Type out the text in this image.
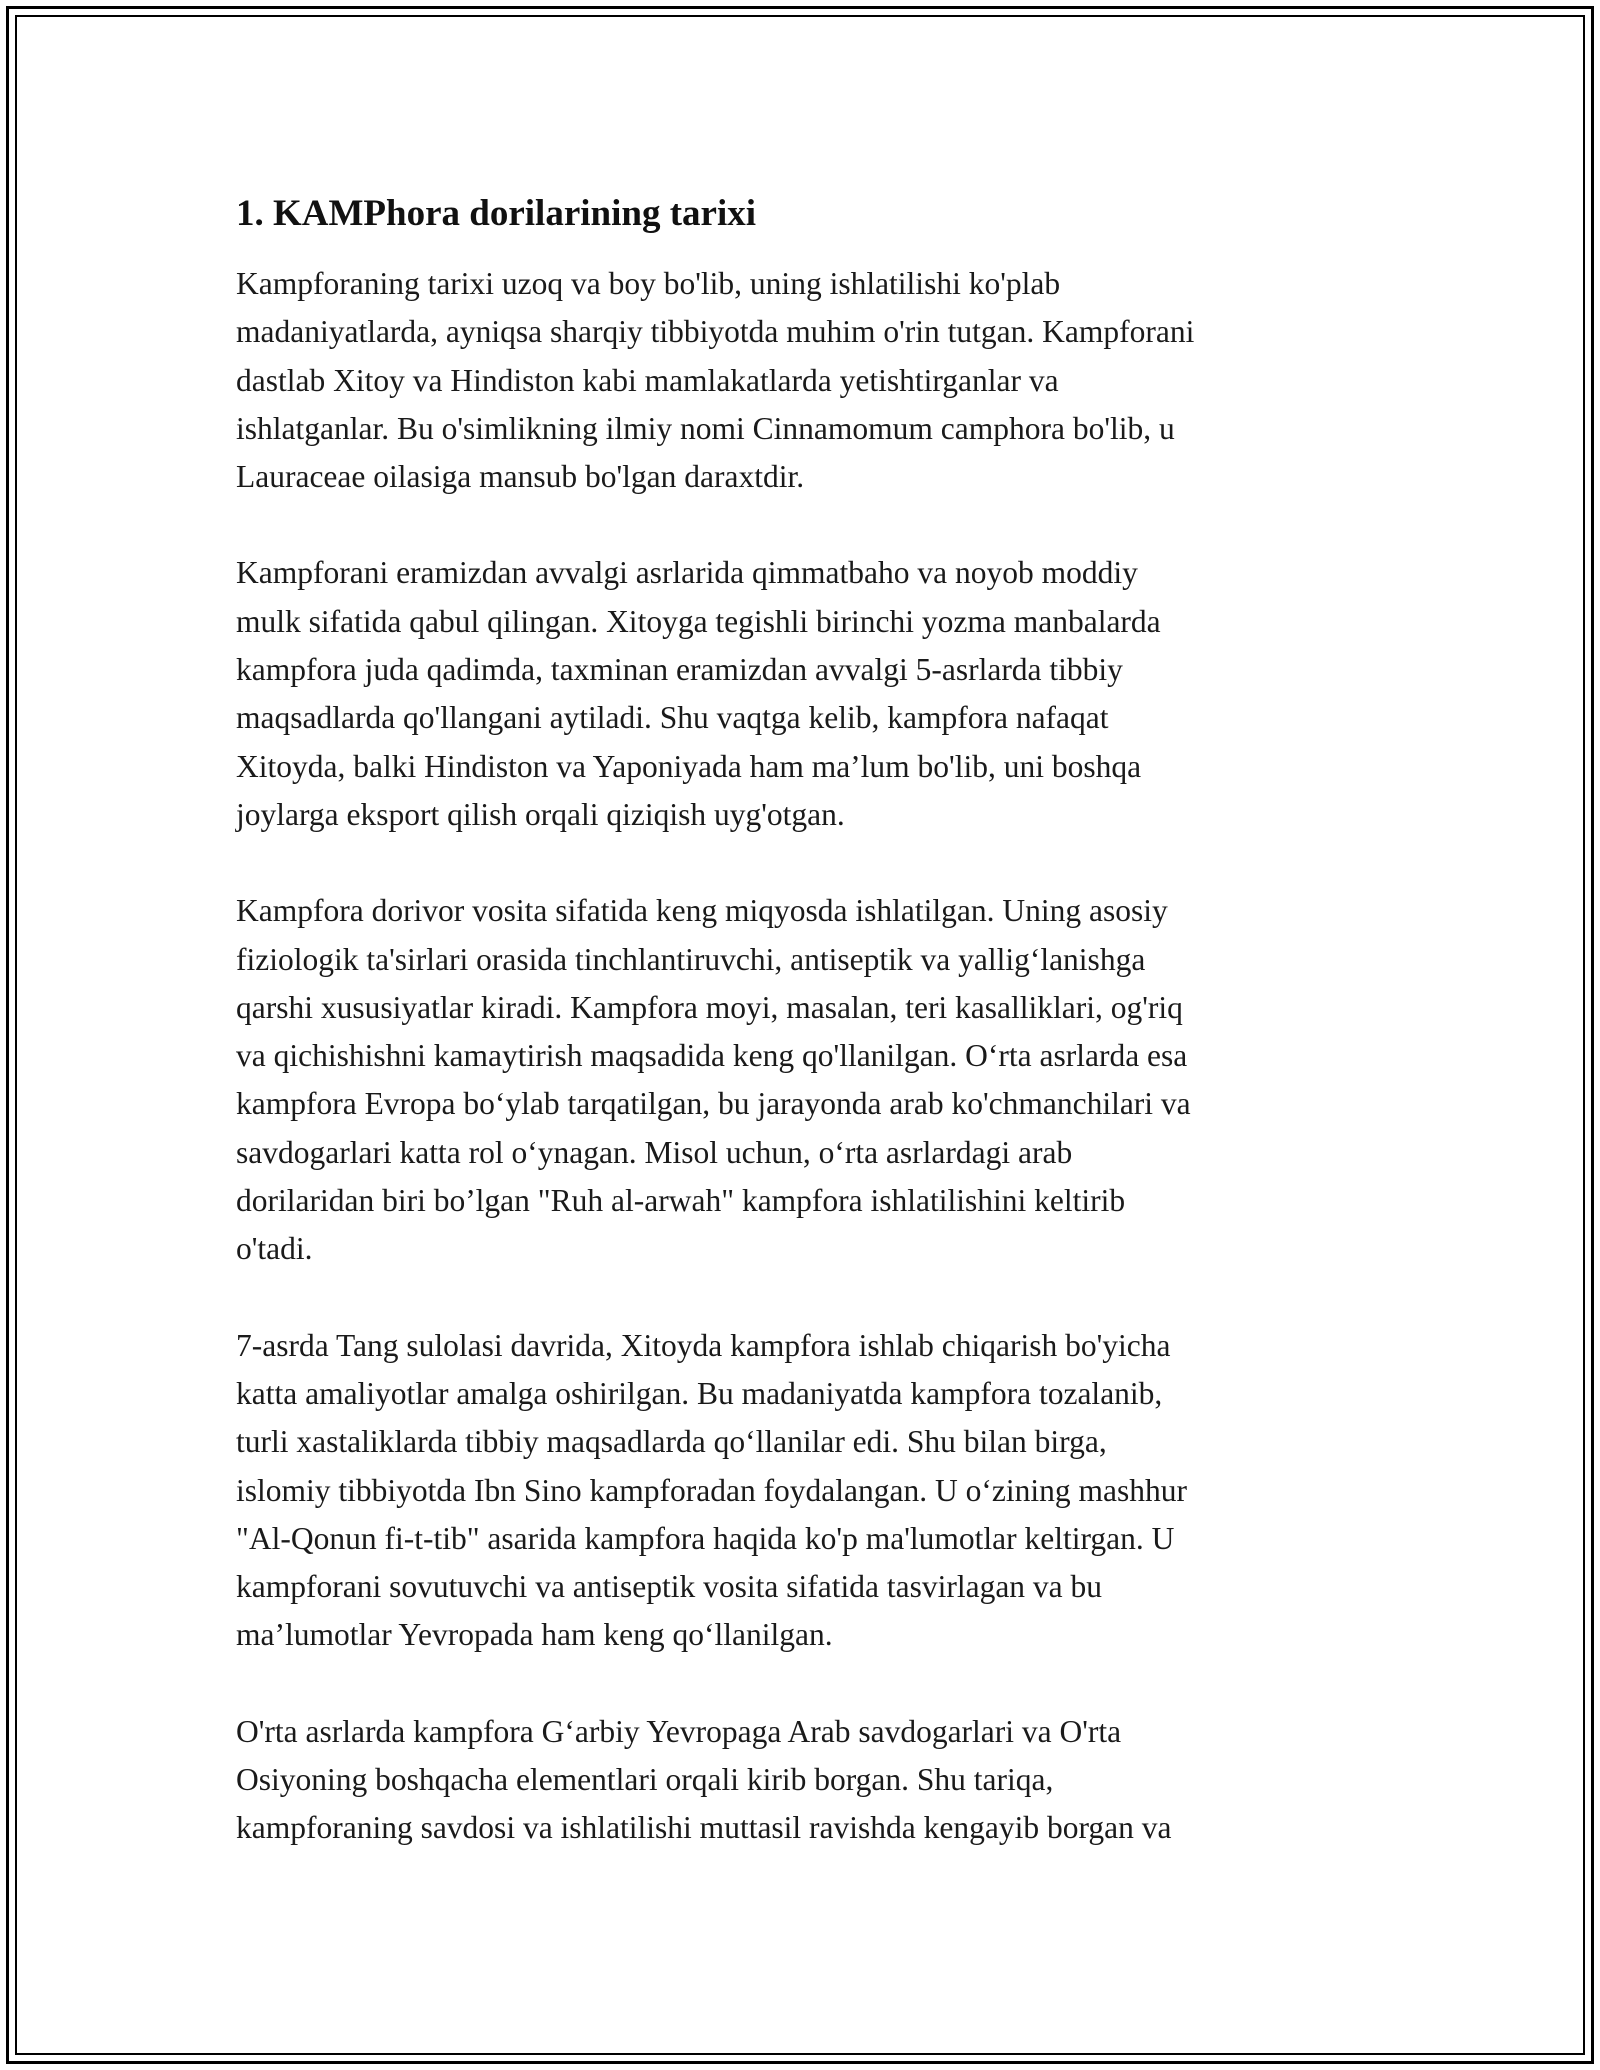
1. KAMPhora dorilarining tarixi

Kampforaning tarixi uzoq va boy bo'lib, uning ishlatilishi ko'plab
madaniyatlarda, ayniqsa sharqiy tibbiyotda muhim o'rin tutgan. Kampforani
dastlab Xitoy va Hindiston kabi mamlakatlarda yetishtirganlar va
ishlatganlar. Bu o'simlikning ilmiy nomi Cinnamomum camphora bo'lib, u
Lauraceae oilasiga mansub bo'lgan daraxtdir.

Kampforani eramizdan avvalgi asrlarida qimmatbaho va noyob moddiy
mulk sifatida qabul qilingan. Xitoyga tegishli birinchi yozma manbalarda
kampfora juda qadimda, taxminan eramizdan avvalgi 5-asrlarda tibbiy
maqsadlarda qo'llangani aytiladi. Shu vaqtga kelib, kampfora nafaqat
Xitoyda, balki Hindiston va Yaponiyada ham ma’lum bo'lib, uni boshqa
joylarga eksport qilish orqali qiziqish uyg'otgan.

Kampfora dorivor vosita sifatida keng miqyosda ishlatilgan. Uning asosiy
fiziologik ta'sirlari orasida tinchlantiruvchi, antiseptik va yallig‘lanishga
qarshi xususiyatlar kiradi. Kampfora moyi, masalan, teri kasalliklari, og'riq
va qichishishni kamaytirish maqsadida keng qo'llanilgan. O‘rta asrlarda esa
kampfora Evropa bo‘ylab tarqatilgan, bu jarayonda arab ko'chmanchilari va
savdogarlari katta rol o‘ynagan. Misol uchun, o‘rta asrlardagi arab
dorilaridan biri bo’lgan "Ruh al-arwah" kampfora ishlatilishini keltirib
o'tadi.

7-asrda Tang sulolasi davrida, Xitoyda kampfora ishlab chiqarish bo'yicha
katta amaliyotlar amalga oshirilgan. Bu madaniyatda kampfora tozalanib,
turli xastaliklarda tibbiy maqsadlarda qo‘llanilar edi. Shu bilan birga,
islomiy tibbiyotda Ibn Sino kampforadan foydalangan. U o‘zining mashhur
"Al-Qonun fi-t-tib" asarida kampfora haqida ko'p ma'lumotlar keltirgan. U
kampforani sovutuvchi va antiseptik vosita sifatida tasvirlagan va bu
ma’lumotlar Yevropada ham keng qo‘llanilgan.

O'rta asrlarda kampfora G‘arbiy Yevropaga Arab savdogarlari va O'rta
Osiyoning boshqacha elementlari orqali kirib borgan. Shu tariqa,
kampforaning savdosi va ishlatilishi muttasil ravishda kengayib borgan va
